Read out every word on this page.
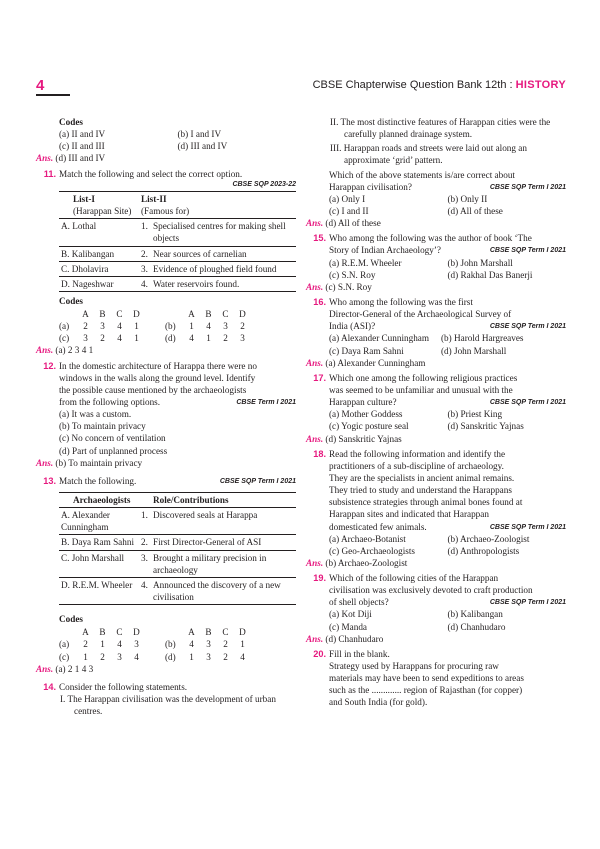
4	CBSE Chapterwise Question Bank 12th : HISTORY
Codes
(a) II and IV	(b) I and IV
(c) II and III	(d) III and IV
Ans. (d) III and IV
11. Match the following and select the correct option.
CBSE SQP 2023-22
List-I
(Harappan Site)	List-II
(Famous for)	
A. Lothal	1.	Specialised centres for making shell objects
B. Kalibangan	2.	Near sources of carnelian
C. Dholavira	3.	Evidence of ploughed field found
D. Nageshwar	4.	Water reservoirs found.
Codes
	A	B	C	D			A	B	C	D
(a)	2	3	4	1		(b)	1	4	3	2
(c)	3	2	4	1		(d)	4	1	2	3
Ans. (a) 2 3 4 1
12. In the domestic architecture of Harappa there were no
windows in the walls along the ground level. Identify
the possible cause mentioned by the archaeologists
CBSE Term I 2021
from the following options.
(a) It was a custom.
(b) To maintain privacy
(c) No concern of ventilation
(d) Part of unplanned process
Ans. (b) To maintain privacy
CBSE SQP Term I 2021
13. Match the following.
Archaeologists	Role/Contributions	
A. Alexander Cunningham	1.	Discovered seals at Harappa
B. Daya Ram Sahni	2.	First Director-General of ASI
C. John Marshall	3.	Brought a military precision in archaeology
D. R.E.M. Wheeler	4.	Announced the discovery of a new civilisation
Codes
	A	B	C	D			A	B	C	D
(a)	2	1	4	3		(b)	4	3	2	1
(c)	1	2	3	4		(d)	1	3	2	4
Ans. (a) 2 1 4 3
14. Consider the following statements.
I. The Harappan civilisation was the development of urban centres.
II. The most distinctive features of Harappan cities were the carefully planned drainage system.
III. Harappan roads and streets were laid out along an approximate ‘grid’ pattern.
Which of the above statements is/are correct about
CBSE SQP Term I 2021
Harappan civilisation?
(a) Only I	(b) Only II
(c) I and II	(d) All of these
Ans. (d) All of these
15. Who among the following was the author of book ‘The
CBSE SQP Term I 2021
Story of Indian Archaeology’?
(a) R.E.M. Wheeler	(b) John Marshall
(c) S.N. Roy	(d) Rakhal Das Banerji
Ans. (c) S.N. Roy
16. Who among the following was the first
Director-General of the Archaeological Survey of
CBSE SQP Term I 2021
India (ASI)?
(a) Alexander Cunningham	(b) Harold Hargreaves
(c) Daya Ram Sahni	(d) John Marshall
Ans. (a) Alexander Cunningham
17. Which one among the following religious practices
was seemed to be unfamiliar and unusual with the
CBSE SQP Term I 2021
Harappan culture?
(a) Mother Goddess	(b) Priest King
(c) Yogic posture seal	(d) Sanskritic Yajnas
Ans. (d) Sanskritic Yajnas
18. Read the following information and identify the
practitioners of a sub-discipline of archaeology.
They are the specialists in ancient animal remains.
They tried to study and understand the Harappans
subsistence strategies through animal bones found at
Harappan sites and indicated that Harappan
CBSE SQP Term I 2021
domesticated few animals.
(a) Archaeo-Botanist	(b) Archaeo-Zoologist
(c) Geo-Archaeologists	(d) Anthropologists
Ans. (b) Archaeo-Zoologist
19. Which of the following cities of the Harappan
civilisation was exclusively devoted to craft production
CBSE SQP Term I 2021
of shell objects?
(a) Kot Diji	(b) Kalibangan
(c) Manda	(d) Chanhudaro
Ans. (d) Chanhudaro
20. Fill in the blank.
Strategy used by Harappans for procuring raw
materials may have been to send expeditions to areas
such as the ............. region of Rajasthan (for copper)
and South India (for gold).
